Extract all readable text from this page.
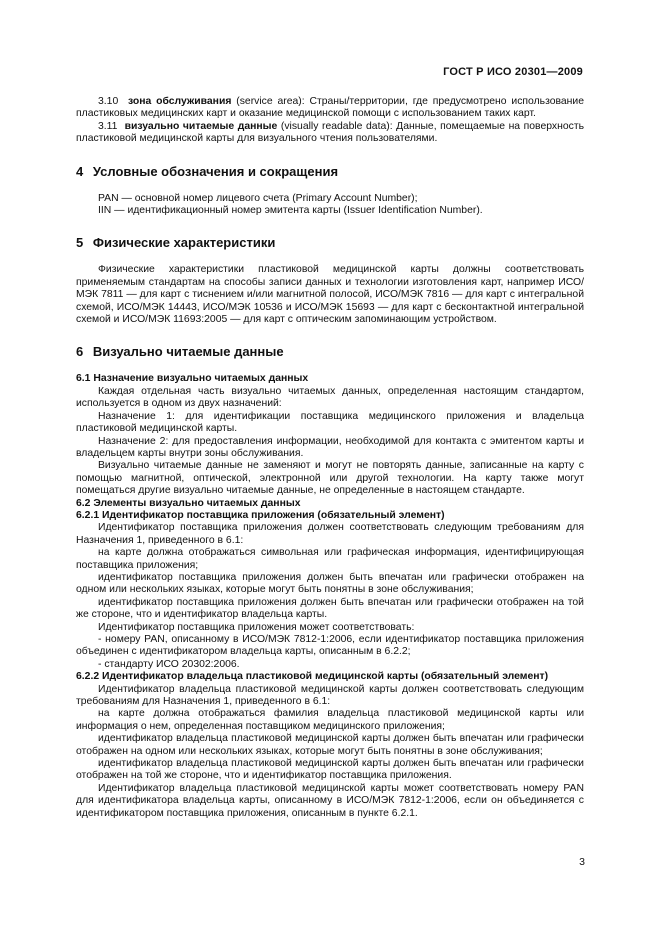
ГОСТ Р ИСО 20301—2009

3.10 зона обслуживания (service area): Страны/территории, где предусмотрено использование пластиковых медицинских карт и оказание медицинской помощи с использованием таких карт.

3.11 визуально читаемые данные (visually readable data): Данные, помещаемые на поверхность пластиковой медицинской карты для визуального чтения пользователями.

4 Условные обозначения и сокращения

PAN — основной номер лицевого счета (Primary Account Number);

IIN — идентификационный номер эмитента карты (Issuer Identification Number).

5 Физические характеристики

Физические характеристики пластиковой медицинской карты должны соответствовать применяемым стандартам на способы записи данных и технологии изготовления карт, например ИСО/МЭК 7811 — для карт с тиснением и/или магнитной полосой, ИСО/МЭК 7816 — для карт с интегральной схемой, ИСО/МЭК 14443, ИСО/МЭК 10536 и ИСО/МЭК 15693 — для карт с бесконтактной интегральной схемой и ИСО/МЭК 11693:2005 — для карт с оптическим запоминающим устройством.

6 Визуально читаемые данные

6.1 Назначение визуально читаемых данных

Каждая отдельная часть визуально читаемых данных, определенная настоящим стандартом, используется в одном из двух назначений:

Назначение 1: для идентификации поставщика медицинского приложения и владельца пластиковой медицинской карты.

Назначение 2: для предоставления информации, необходимой для контакта с эмитентом карты и владельцем карты внутри зоны обслуживания.

Визуально читаемые данные не заменяют и могут не повторять данные, записанные на карту с помощью магнитной, оптической, электронной или другой технологии. На карту также могут помещаться другие визуально читаемые данные, не определенные в настоящем стандарте.

6.2 Элементы визуально читаемых данных

6.2.1 Идентификатор поставщика приложения (обязательный элемент)

Идентификатор поставщика приложения должен соответствовать следующим требованиям для Назначения 1, приведенного в 6.1:

на карте должна отображаться символьная или графическая информация, идентифицирующая поставщика приложения;

идентификатор поставщика приложения должен быть впечатан или графически отображен на одном или нескольких языках, которые могут быть понятны в зоне обслуживания;

идентификатор поставщика приложения должен быть впечатан или графически отображен на той же стороне, что и идентификатор владельца карты.

Идентификатор поставщика приложения может соответствовать:

- номеру PAN, описанному в ИСО/МЭК 7812-1:2006, если идентификатор поставщика приложения объединен с идентификатором владельца карты, описанным в 6.2.2;

- стандарту ИСО 20302:2006.

6.2.2 Идентификатор владельца пластиковой медицинской карты (обязательный элемент)

Идентификатор владельца пластиковой медицинской карты должен соответствовать следующим требованиям для Назначения 1, приведенного в 6.1:

на карте должна отображаться фамилия владельца пластиковой медицинской карты или информация о нем, определенная поставщиком медицинского приложения;

идентификатор владельца пластиковой медицинской карты должен быть впечатан или графически отображен на одном или нескольких языках, которые могут быть понятны в зоне обслуживания;

идентификатор владельца пластиковой медицинской карты должен быть впечатан или графически отображен на той же стороне, что и идентификатор поставщика приложения.

Идентификатор владельца пластиковой медицинской карты может соответствовать номеру PAN для идентификатора владельца карты, описанному в ИСО/МЭК 7812-1:2006, если он объединяется с идентификатором поставщика приложения, описанным в пункте 6.2.1.

3
